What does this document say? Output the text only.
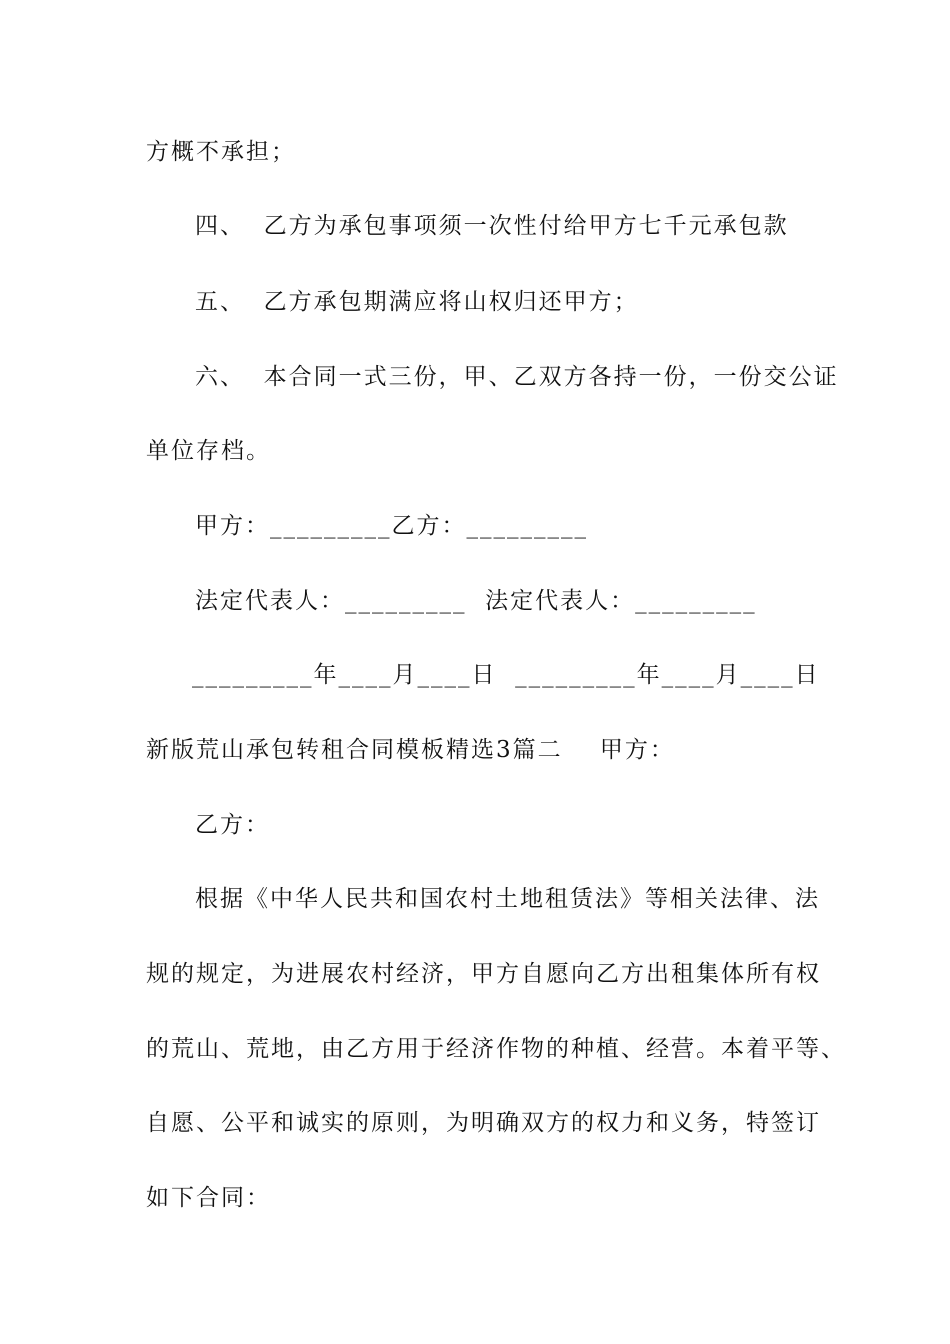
方概不承担；
四、  乙方为承包事项须一次性付给甲方七千元承包款
五、  乙方承包期满应将山权归还甲方；
六、  本合同一式三份，甲、乙双方各持一份，一份交公证
单位存档。
甲方：_________乙方：_________
法定代表人：_________  法定代表人：_________
_________年____月____日  _________年____月____日
新版荒山承包转租合同模板精选3篇二    甲方：
乙方：
根据《中华人民共和国农村土地租赁法》等相关法律、法
规的规定，为进展农村经济，甲方自愿向乙方出租集体所有权
的荒山、荒地，由乙方用于经济作物的种植、经营。本着平等、
自愿、公平和诚实的原则，为明确双方的权力和义务，特签订
如下合同：
